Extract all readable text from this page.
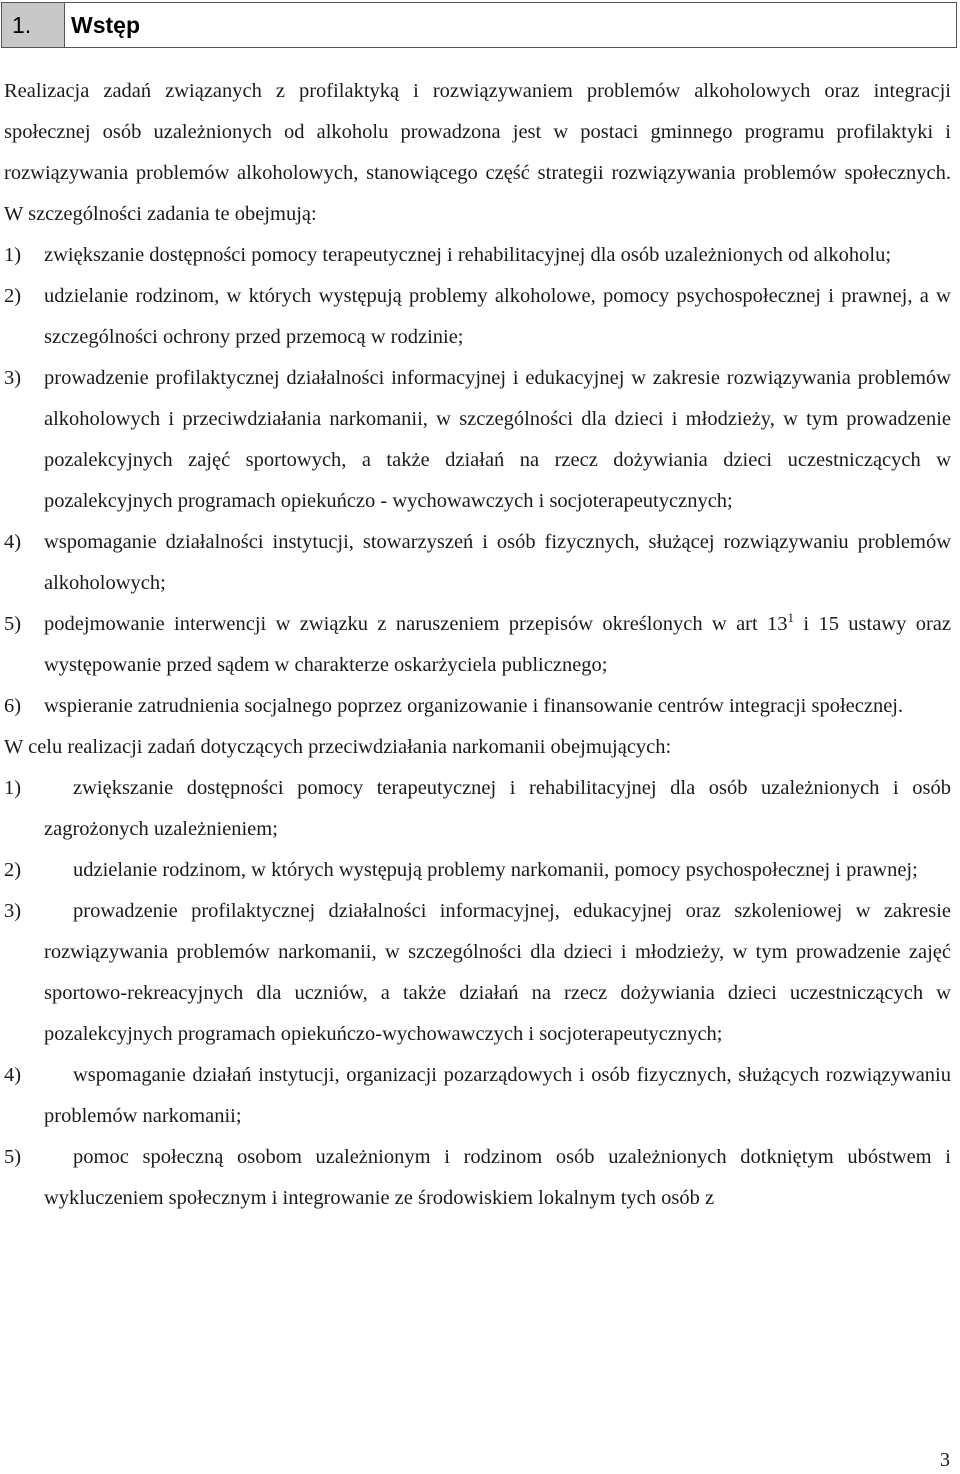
1.	Wstęp

Realizacja zadań związanych z profilaktyką i rozwiązywaniem problemów alkoholowych oraz integracji społecznej osób uzależnionych od alkoholu prowadzona jest w postaci gminnego programu profilaktyki i rozwiązywania problemów alkoholowych, stanowiącego część strategii rozwiązywania problemów społecznych. W szczególności zadania te obejmują:

1)	zwiększanie dostępności pomocy terapeutycznej i rehabilitacyjnej dla osób uzależnionych od alkoholu;
2)	udzielanie rodzinom, w których występują problemy alkoholowe, pomocy psychospołecznej i prawnej, a w szczególności ochrony przed przemocą w rodzinie;
3)	prowadzenie profilaktycznej działalności informacyjnej i edukacyjnej w zakresie rozwiązywania problemów alkoholowych i przeciwdziałania narkomanii, w szczególności dla dzieci i młodzieży, w tym prowadzenie pozalekcyjnych zajęć sportowych, a także działań na rzecz dożywiania dzieci uczestniczących w pozalekcyjnych programach opiekuńczo - wychowawczych i socjoterapeutycznych;
4)	wspomaganie działalności instytucji, stowarzyszeń i osób fizycznych, służącej rozwiązywaniu problemów alkoholowych;
5)	podejmowanie interwencji w związku z naruszeniem przepisów określonych w art $13^1$ i 15 ustawy oraz występowanie przed sądem w charakterze oskarżyciela publicznego;
6)	wspieranie zatrudnienia socjalnego poprzez organizowanie i finansowanie centrów integracji społecznej.

W celu realizacji zadań dotyczących przeciwdziałania narkomanii obejmujących:

1)	zwiększanie dostępności pomocy terapeutycznej i rehabilitacyjnej dla osób uzależnionych i osób zagrożonych uzależnieniem;
2)	udzielanie rodzinom, w których występują problemy narkomanii, pomocy psychospołecznej i prawnej;
3)	prowadzenie profilaktycznej działalności informacyjnej, edukacyjnej oraz szkoleniowej w zakresie rozwiązywania problemów narkomanii, w szczególności dla dzieci i młodzieży, w tym prowadzenie zajęć sportowo-rekreacyjnych dla uczniów, a także działań na rzecz dożywiania dzieci uczestniczących w pozalekcyjnych programach opiekuńczo-wychowawczych i socjoterapeutycznych;
4)	wspomaganie działań instytucji, organizacji pozarządowych i osób fizycznych, służących rozwiązywaniu problemów narkomanii;
5)	pomoc społeczną osobom uzależnionym i rodzinom osób uzależnionych dotkniętym ubóstwem i wykluczeniem społecznym i integrowanie ze środowiskiem lokalnym tych osób z
3
